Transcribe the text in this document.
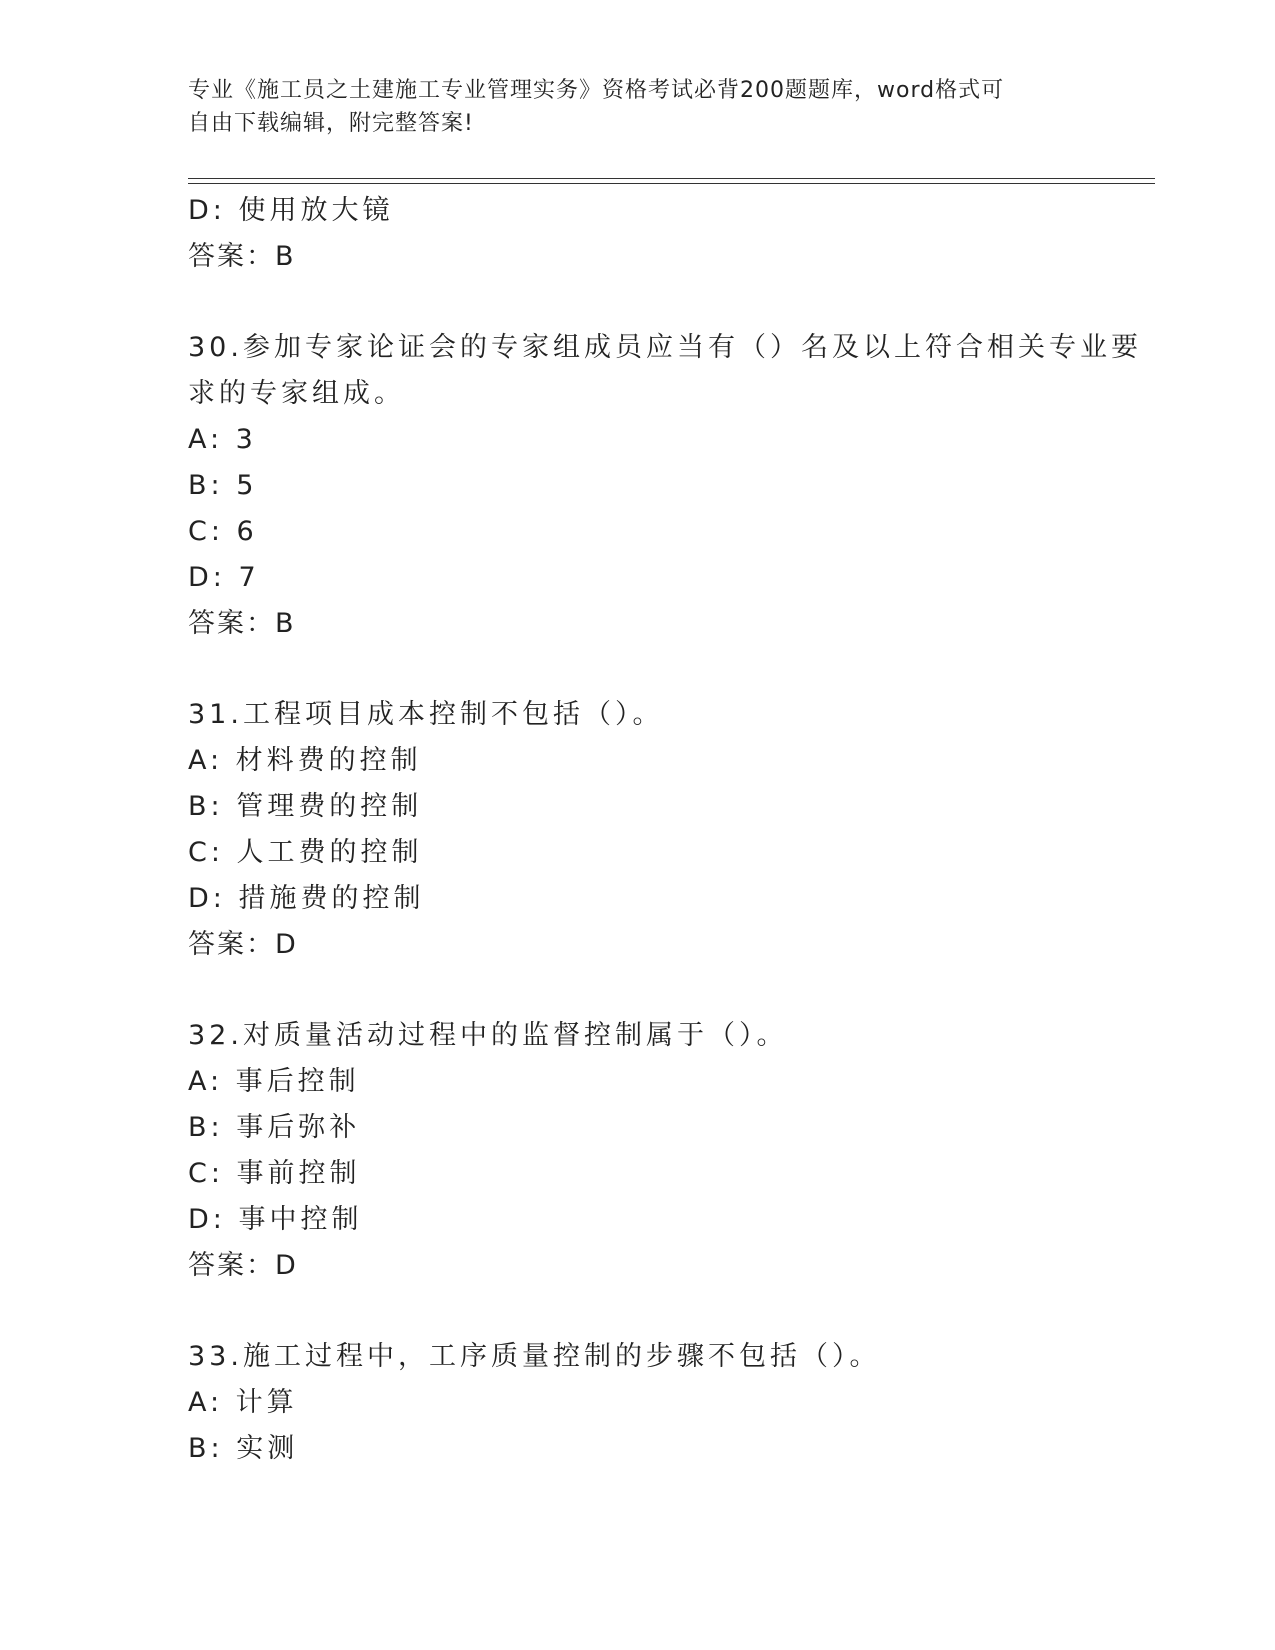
专业《施工员之土建施工专业管理实务》资格考试必背200题题库，word格式可
自由下载编辑，附完整答案!
D: 使用放大镜
答案：B
30.参加专家论证会的专家组成员应当有（）名及以上符合相关专业要
求的专家组成。
A: 3
B: 5
C: 6
D: 7
答案：B
31.工程项目成本控制不包括（）。
A: 材料费的控制
B: 管理费的控制
C: 人工费的控制
D: 措施费的控制
答案：D
32.对质量活动过程中的监督控制属于（）。
A: 事后控制
B: 事后弥补
C: 事前控制
D: 事中控制
答案：D
33.施工过程中，工序质量控制的步骤不包括（）。
A: 计算
B: 实测
